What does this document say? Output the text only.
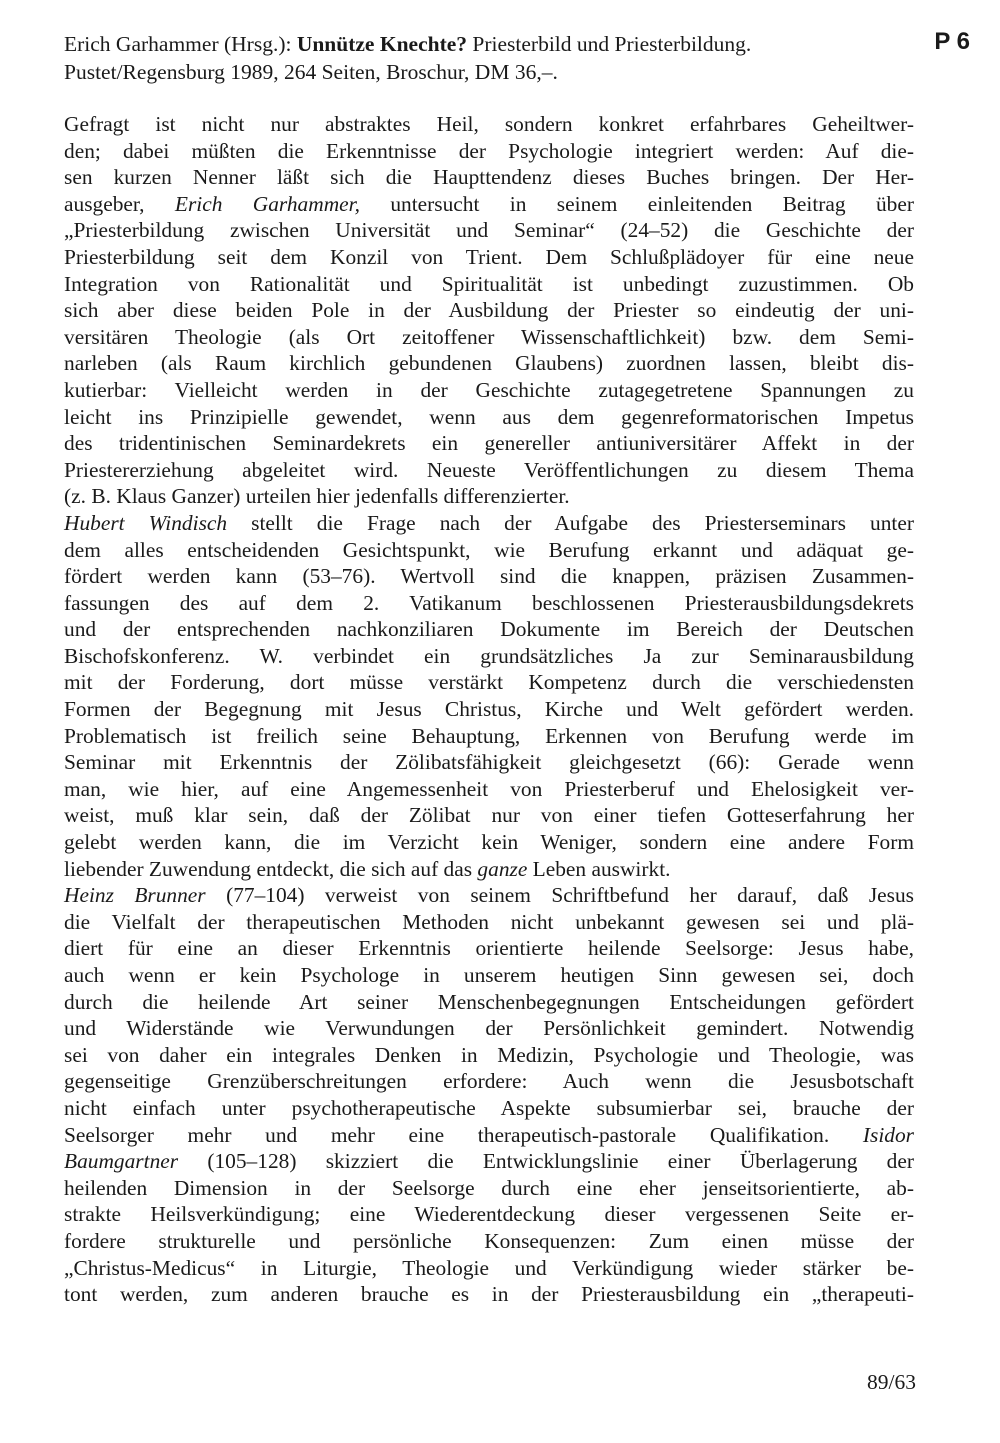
Erich Garhammer (Hrsg.): Unnütze Knechte? Priesterbild und Priesterbildung.
Pustet/Regensburg 1989, 264 Seiten, Broschur, DM 36,–.
P 6
Gefragt ist nicht nur abstraktes Heil, sondern konkret erfahrbares Geheiltwer-
den; dabei müßten die Erkenntnisse der Psychologie integriert werden: Auf die-
sen kurzen Nenner läßt sich die Haupttendenz dieses Buches bringen. Der Her-
ausgeber, Erich Garhammer, untersucht in seinem einleitenden Beitrag über
„Priesterbildung zwischen Universität und Seminar“ (24–52) die Geschichte der
Priesterbildung seit dem Konzil von Trient. Dem Schlußplädoyer für eine neue
Integration von Rationalität und Spiritualität ist unbedingt zuzustimmen. Ob
sich aber diese beiden Pole in der Ausbildung der Priester so eindeutig der uni-
versitären Theologie (als Ort zeitoffener Wissenschaftlichkeit) bzw. dem Semi-
narleben (als Raum kirchlich gebundenen Glaubens) zuordnen lassen, bleibt dis-
kutierbar: Vielleicht werden in der Geschichte zutagegetretene Spannungen zu
leicht ins Prinzipielle gewendet, wenn aus dem gegenreformatorischen Impetus
des tridentinischen Seminardekrets ein genereller antiuniversitärer Affekt in der
Priestererziehung abgeleitet wird. Neueste Veröffentlichungen zu diesem Thema
(z. B. Klaus Ganzer) urteilen hier jedenfalls differenzierter.
Hubert Windisch stellt die Frage nach der Aufgabe des Priesterseminars unter
dem alles entscheidenden Gesichtspunkt, wie Berufung erkannt und adäquat ge-
fördert werden kann (53–76). Wertvoll sind die knappen, präzisen Zusammen-
fassungen des auf dem 2. Vatikanum beschlossenen Priesterausbildungsdekrets
und der entsprechenden nachkonziliaren Dokumente im Bereich der Deutschen
Bischofskonferenz. W. verbindet ein grundsätzliches Ja zur Seminarausbildung
mit der Forderung, dort müsse verstärkt Kompetenz durch die verschiedensten
Formen der Begegnung mit Jesus Christus, Kirche und Welt gefördert werden.
Problematisch ist freilich seine Behauptung, Erkennen von Berufung werde im
Seminar mit Erkenntnis der Zölibatsfähigkeit gleichgesetzt (66): Gerade wenn
man, wie hier, auf eine Angemessenheit von Priesterberuf und Ehelosigkeit ver-
weist, muß klar sein, daß der Zölibat nur von einer tiefen Gotteserfahrung her
gelebt werden kann, die im Verzicht kein Weniger, sondern eine andere Form
liebender Zuwendung entdeckt, die sich auf das ganze Leben auswirkt.
Heinz Brunner (77–104) verweist von seinem Schriftbefund her darauf, daß Jesus
die Vielfalt der therapeutischen Methoden nicht unbekannt gewesen sei und plä-
diert für eine an dieser Erkenntnis orientierte heilende Seelsorge: Jesus habe,
auch wenn er kein Psychologe in unserem heutigen Sinn gewesen sei, doch
durch die heilende Art seiner Menschenbegegnungen Entscheidungen gefördert
und Widerstände wie Verwundungen der Persönlichkeit gemindert. Notwendig
sei von daher ein integrales Denken in Medizin, Psychologie und Theologie, was
gegenseitige Grenzüberschreitungen erfordere: Auch wenn die Jesusbotschaft
nicht einfach unter psychotherapeutische Aspekte subsumierbar sei, brauche der
Seelsorger mehr und mehr eine therapeutisch-pastorale Qualifikation. Isidor
Baumgartner (105–128) skizziert die Entwicklungslinie einer Überlagerung der
heilenden Dimension in der Seelsorge durch eine eher jenseitsorientierte, ab-
strakte Heilsverkündigung; eine Wiederentdeckung dieser vergessenen Seite er-
fordere strukturelle und persönliche Konsequenzen: Zum einen müsse der
„Christus-Medicus“ in Liturgie, Theologie und Verkündigung wieder stärker be-
tont werden, zum anderen brauche es in der Priesterausbildung ein „therapeuti-
89/63
